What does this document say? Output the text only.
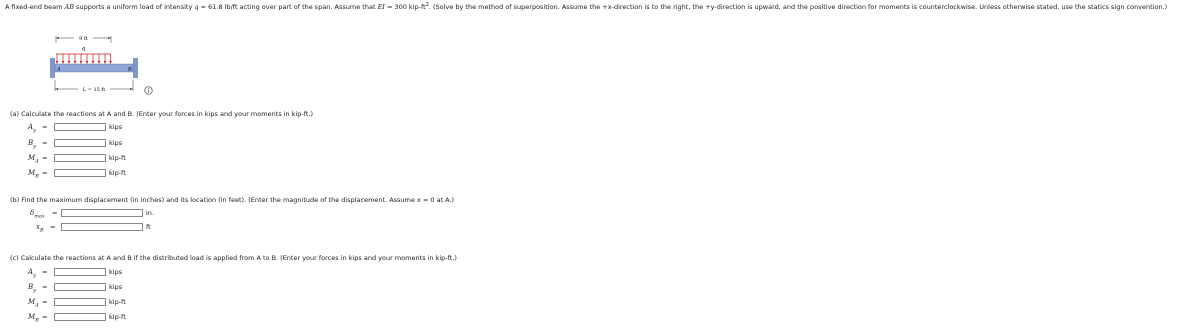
A fixed-end beam AB supports a uniform load of intensity q = 61.8 lb/ft acting over part of the span. Assume that EI = 300 kip-$ft^2$. (Solve by the method of superposition. Assume the +x-direction is to the right, the +y-direction is upward, and the positive direction for moments is counterclockwise. Unless otherwise stated, use the statics sign convention.)
9 ft
q
A	B
L = 15 ft
(a) Calculate the reactions at A and B. (Enter your forces in kips and your moments in kip-ft.)
$A_y$ =	kips
$B_y$ =	kips
$M_A$ =	kip-ft
$M_B$ =	kip-ft
(b) Find the maximum displacement (in inches) and its location (in feet). (Enter the magnitude of the displacement. Assume x = 0 at A.)
$\delta_{max}$ =	in.
$x_B$ =	ft
(c) Calculate the reactions at A and B if the distributed load is applied from A to B. (Enter your forces in kips and your moments in kip-ft.)
$A_y$ =	kips
$B_y$ =	kips
$M_A$ =	kip-ft
$M_B$ =	kip-ft
